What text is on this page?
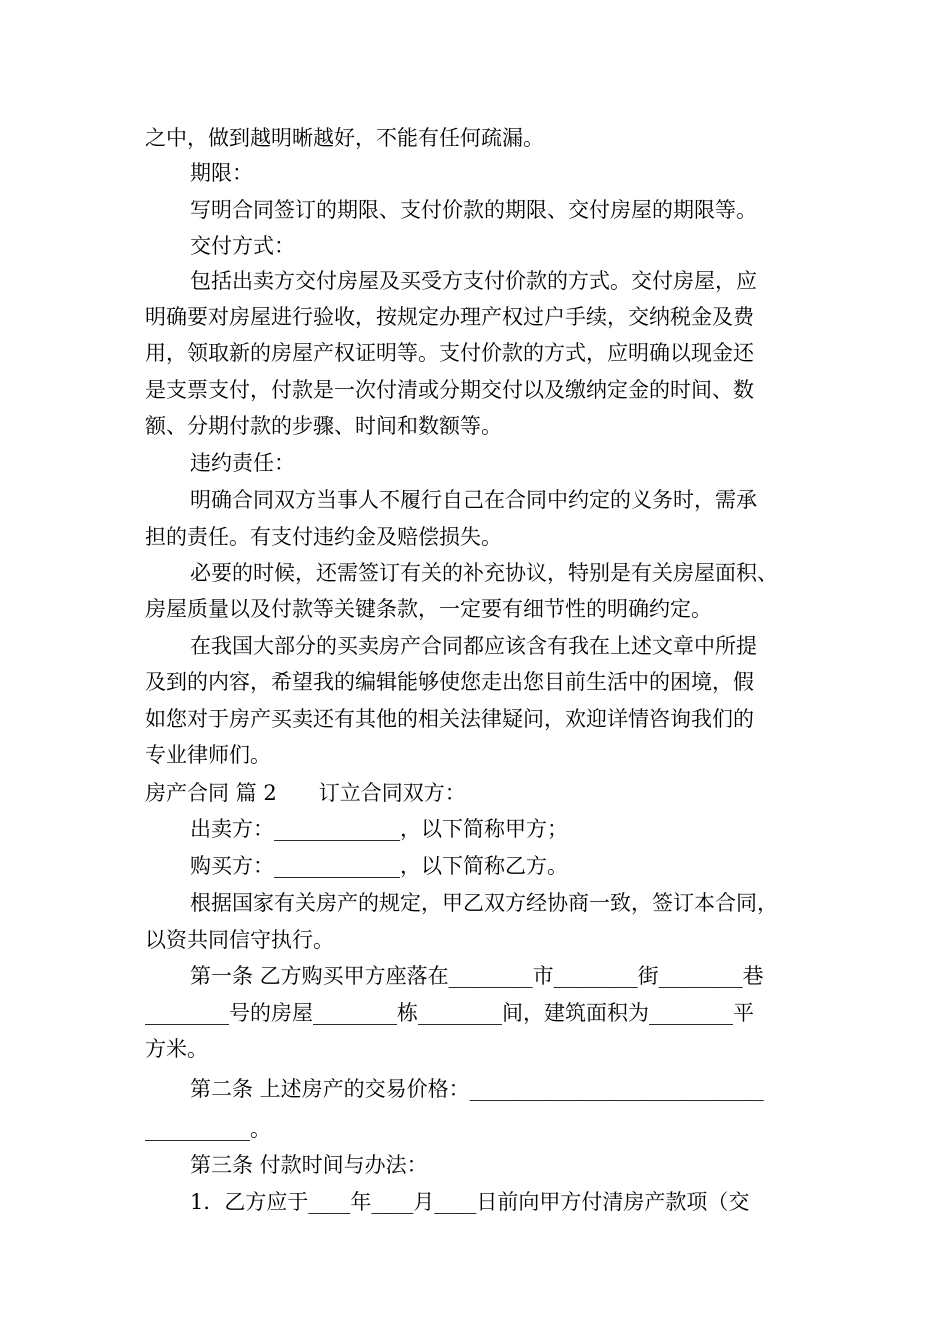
之中，做到越明晰越好，不能有任何疏漏。
期限：
写明合同签订的期限、支付价款的期限、交付房屋的期限等。
交付方式：
包括出卖方交付房屋及买受方支付价款的方式。交付房屋，应
明确要对房屋进行验收，按规定办理产权过户手续，交纳税金及费
用，领取新的房屋产权证明等。支付价款的方式，应明确以现金还
是支票支付，付款是一次付清或分期交付以及缴纳定金的时间、数
额、分期付款的步骤、时间和数额等。
违约责任：
明确合同双方当事人不履行自己在合同中约定的义务时，需承
担的责任。有支付违约金及赔偿损失。
必要的时候，还需签订有关的补充协议，特别是有关房屋面积、
房屋质量以及付款等关键条款，一定要有细节性的明确约定。
在我国大部分的买卖房产合同都应该含有我在上述文章中所提
及到的内容，希望我的编辑能够使您走出您目前生活中的困境，假
如您对于房产买卖还有其他的相关法律疑问，欢迎详情咨询我们的
专业律师们。
房产合同 篇 2　　订立合同双方：
出卖方：____________，以下简称甲方；
购买方：____________，以下简称乙方。
根据国家有关房产的规定，甲乙双方经协商一致，签订本合同，
以资共同信守执行。
第一条 乙方购买甲方座落在________市________街________巷
________号的房屋________栋________间，建筑面积为________平
方米。
第二条 上述房产的交易价格：____________________________
__________。
第三条 付款时间与办法：
1．乙方应于____年____月____日前向甲方付清房产款项（交
